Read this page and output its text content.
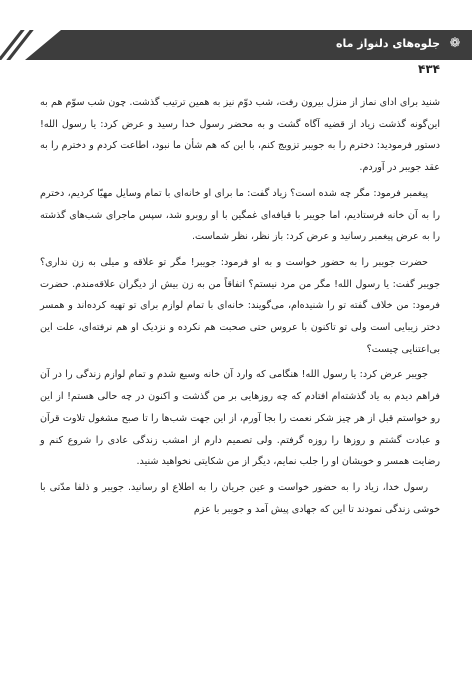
❁
جلوه‌های دلنواز ماه
۴۳۴

شنید برای ادای نماز از منزل بیرون رفت، شب دوّم نیز به همین ترتیب گذشت. چون شب سوّم هم به این‌گونه گذشت زیاد از قضیه آگاه گشت و به محضر رسول خدا رسید و عرض کرد: یا رسول الله! دستور فرمودید: دخترم را به جویبر تزویج کنم، با این که هم شأن ما نبود، اطاعت کردم و دخترم را به عقد جویبر در آوردم.

پیغمبر فرمود: مگر چه شده است؟ زیاد گفت: ما برای او خانه‌ای با تمام وسایل مهیّا کردیم، دخترم را به آن خانه فرستادیم، اما جویبر با قیافه‌ای غمگین با او روبرو شد، سپس ماجرای شب‌های گذشته را به عرض پیغمبر رسانید و عرض کرد: باز نظر، نظر شماست.

حضرت جویبر را به حضور خواست و به او فرمود: جویبر! مگر تو علاقه و میلی به زن نداری؟ جویبر گفت: یا رسول الله! مگر من مرد نیستم؟ اتفاقاً من به زن بیش از دیگران علاقه‌مندم. حضرت فرمود: من خلاف گفته تو را شنیده‌ام، می‌گویند: خانه‌ای با تمام لوازم برای تو تهیه کرده‌اند و همسر دختر زیبایی است ولی تو تاکنون با عروس حتی صحبت هم نکرده و نزدیک او هم نرفته‌ای، علت این بی‌اعتنایی چیست؟

جویبر عرض کرد: یا رسول الله! هنگامی که وارد آن خانه وسیع شدم و تمام لوازم زندگی را در آن فراهم دیدم به یاد گذشته‌ام افتادم که چه روزهایی بر من گذشت و اکنون در چه حالی هستم! از این رو خواستم قبل از هر چیز شکر نعمت را بجا آورم، از این جهت شب‌ها را تا صبح مشغول تلاوت قرآن و عبادت گشتم و روزها را روزه گرفتم. ولی تصمیم دارم از امشب زندگی عادی را شروع کنم و رضایت همسر و خویشان او را جلب نمایم، دیگر از من شکایتی نخواهید شنید.

رسول خدا، زیاد را به حضور خواست و عین جریان را به اطلاع او رسانید. جویبر و ذلفا مدّتی با خوشی زندگی نمودند تا این که جهادی پیش آمد و جویبر با عزم
